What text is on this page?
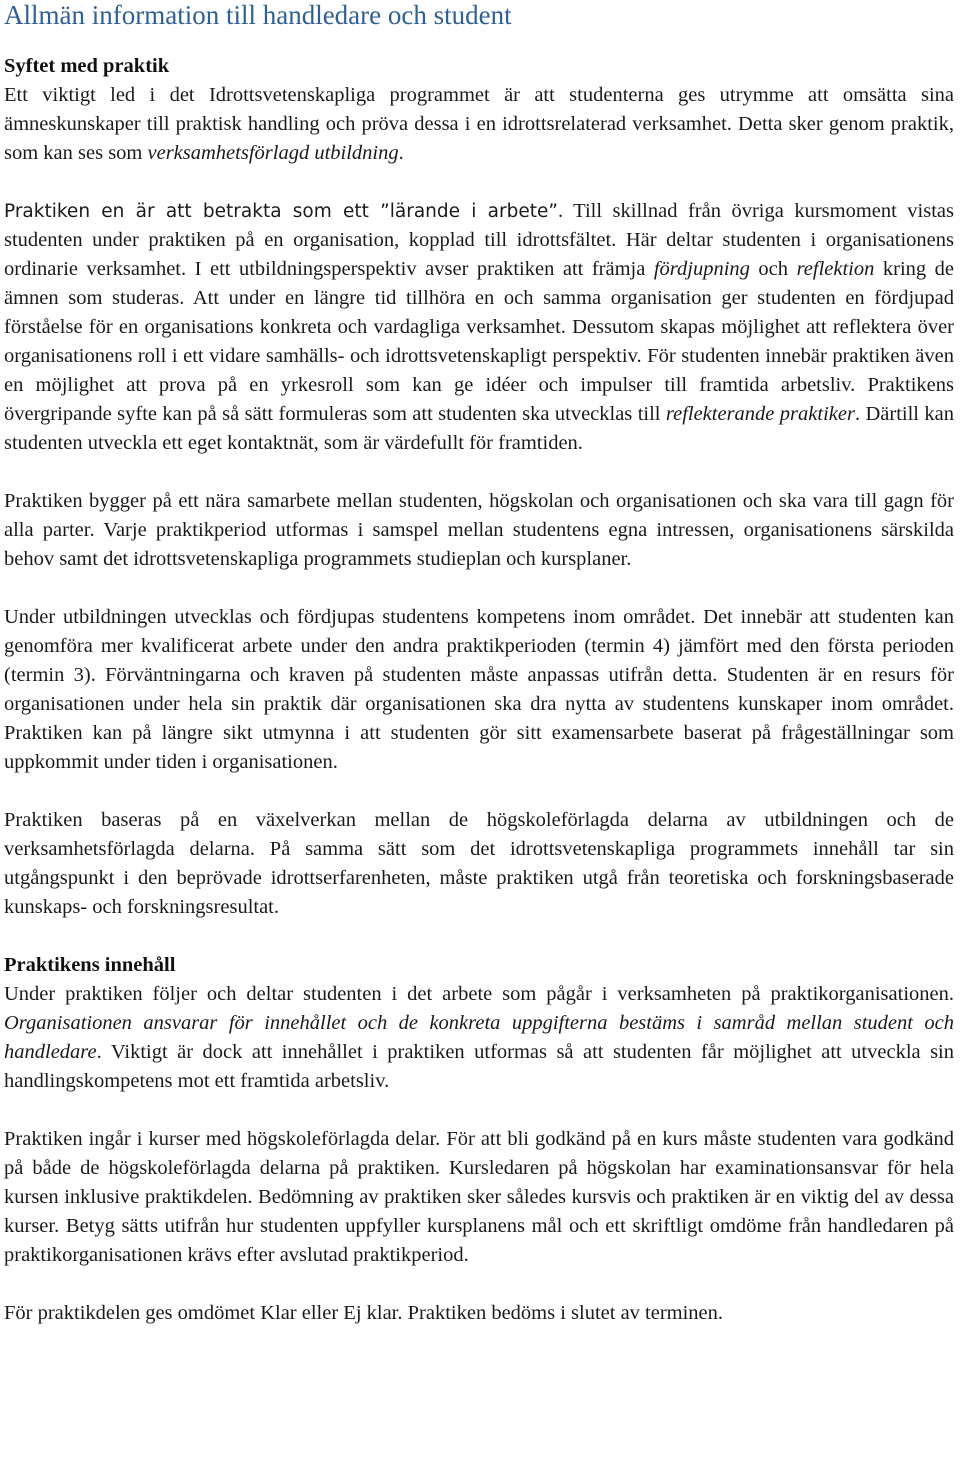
Allmän information till handledare och student
Syftet med praktik

Ett viktigt led i det Idrottsvetenskapliga programmet är att studenterna ges utrymme att omsätta sina ämneskunskaper till praktisk handling och pröva dessa i en idrottsrelaterad verksamhet. Detta sker genom praktik, som kan ses som verksamhetsförlagd utbildning.

Praktiken en är att betrakta som ett ”lärande i arbete”. Till skillnad från övriga kursmoment vistas studenten under praktiken på en organisation, kopplad till idrottsfältet. Här deltar studenten i organisationens ordinarie verksamhet. I ett utbildningsperspektiv avser praktiken att främja fördjupning och reflektion kring de ämnen som studeras. Att under en längre tid tillhöra en och samma organisation ger studenten en fördjupad förståelse för en organisations konkreta och vardagliga verksamhet. Dessutom skapas möjlighet att reflektera över organisationens roll i ett vidare samhälls- och idrottsvetenskapligt perspektiv. För studenten innebär praktiken även en möjlighet att prova på en yrkesroll som kan ge idéer och impulser till framtida arbetsliv. Praktikens övergripande syfte kan på så sätt formuleras som att studenten ska utvecklas till reflekterande praktiker. Därtill kan studenten utveckla ett eget kontaktnät, som är värdefullt för framtiden.

Praktiken bygger på ett nära samarbete mellan studenten, högskolan och organisationen och ska vara till gagn för alla parter. Varje praktikperiod utformas i samspel mellan studentens egna intressen, organisationens särskilda behov samt det idrottsvetenskapliga programmets studieplan och kursplaner.

Under utbildningen utvecklas och fördjupas studentens kompetens inom området. Det innebär att studenten kan genomföra mer kvalificerat arbete under den andra praktikperioden (termin 4) jämfört med den första perioden (termin 3). Förväntningarna och kraven på studenten måste anpassas utifrån detta. Studenten är en resurs för organisationen under hela sin praktik där organisationen ska dra nytta av studentens kunskaper inom området. Praktiken kan på längre sikt utmynna i att studenten gör sitt examensarbete baserat på frågeställningar som uppkommit under tiden i organisationen.

Praktiken baseras på en växelverkan mellan de högskoleförlagda delarna av utbildningen och de verksamhetsförlagda delarna. På samma sätt som det idrottsvetenskapliga programmets innehåll tar sin utgångspunkt i den beprövade idrottserfarenheten, måste praktiken utgå från teoretiska och forskningsbaserade kunskaps- och forskningsresultat.

Praktikens innehåll

Under praktiken följer och deltar studenten i det arbete som pågår i verksamheten på praktikorganisationen. Organisationen ansvarar för innehållet och de konkreta uppgifterna bestäms i samråd mellan student och handledare. Viktigt är dock att innehållet i praktiken utformas så att studenten får möjlighet att utveckla sin handlingskompetens mot ett framtida arbetsliv.

Praktiken ingår i kurser med högskoleförlagda delar. För att bli godkänd på en kurs måste studenten vara godkänd på både de högskoleförlagda delarna på praktiken. Kursledaren på högskolan har examinationsansvar för hela kursen inklusive praktikdelen. Bedömning av praktiken sker således kursvis och praktiken är en viktig del av dessa kurser. Betyg sätts utifrån hur studenten uppfyller kursplanens mål och ett skriftligt omdöme från handledaren på praktikorganisationen krävs efter avslutad praktikperiod.

För praktikdelen ges omdömet Klar eller Ej klar. Praktiken bedöms i slutet av terminen.
